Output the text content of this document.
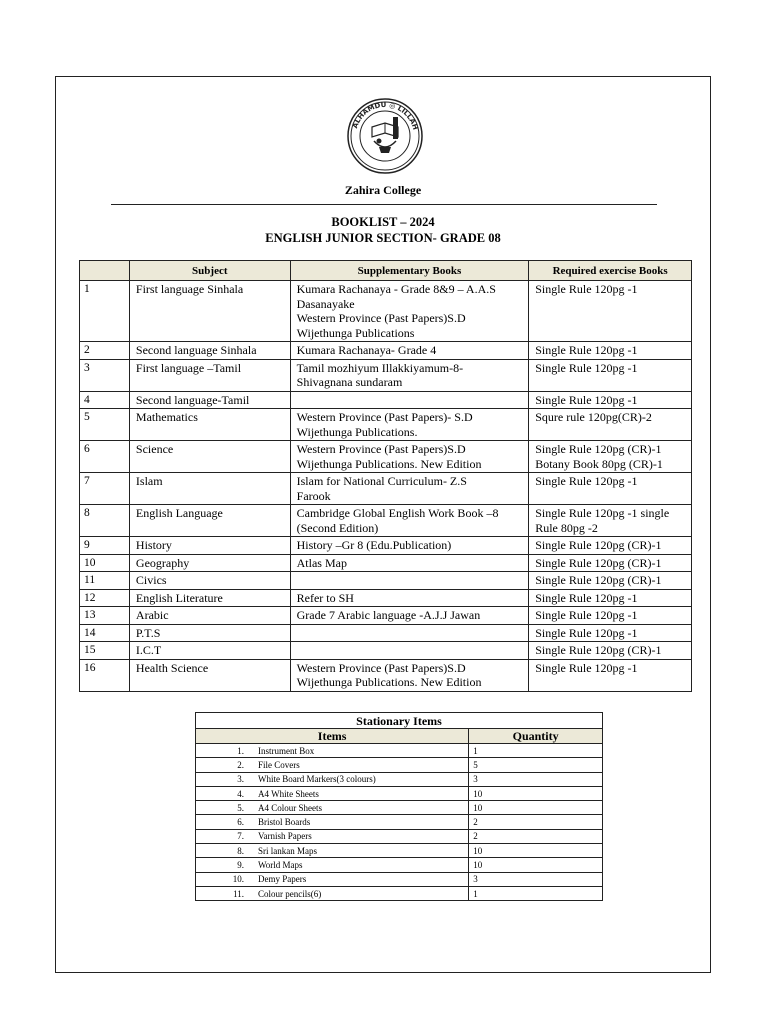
ALHAMDU ◎ LILLAH
Zahira College
BOOKLIST – 2024
ENGLISH JUNIOR SECTION- GRADE 08
	Subject	Supplementary Books	Required exercise Books
1	First language Sinhala	Kumara Rachanaya - Grade 8&9 – A.A.S Dasanayake
Western Province (Past Papers)S.D Wijethunga Publications	Single Rule 120pg -1
2	Second language Sinhala	Kumara Rachanaya- Grade 4	Single Rule 120pg -1
3	First language –Tamil	Tamil mozhiyum Illakkiyamum-8-
Shivagnana sundaram	Single Rule 120pg -1
4	Second language-Tamil		Single Rule 120pg -1
5	Mathematics	Western Province (Past Papers)- S.D
Wijethunga Publications.	Squre rule 120pg(CR)-2
6	Science	Western Province (Past Papers)S.D
Wijethunga Publications. New Edition	Single Rule 120pg (CR)-1
Botany Book 80pg (CR)-1
7	Islam	Islam for National Curriculum- Z.S
Farook	Single Rule 120pg -1
8	English Language	Cambridge Global English Work Book –8
(Second Edition)	Single Rule 120pg -1 single
Rule 80pg -2
9	History	History –Gr 8 (Edu.Publication)	Single Rule 120pg (CR)-1
10	Geography	Atlas Map	Single Rule 120pg (CR)-1
11	Civics		Single Rule 120pg (CR)-1
12	English Literature	Refer to SH	Single Rule 120pg -1
13	Arabic	Grade 7 Arabic language -A.J.J Jawan	Single Rule 120pg -1
14	P.T.S		Single Rule 120pg -1
15	I.C.T		Single Rule 120pg (CR)-1
16	Health Science	Western Province (Past Papers)S.D
Wijethunga Publications. New Edition	Single Rule 120pg -1
Stationary Items	
Items	Quantity
1. Instrument Box	1
2. File Covers	5
3. White Board Markers(3 colours)	3
4. A4 White Sheets	10
5. A4 Colour Sheets	10
6. Bristol Boards	2
7. Varnish Papers	2
8. Sri lankan Maps	10
9. World Maps	10
10. Demy Papers	3
11. Colour pencils(6)	1
